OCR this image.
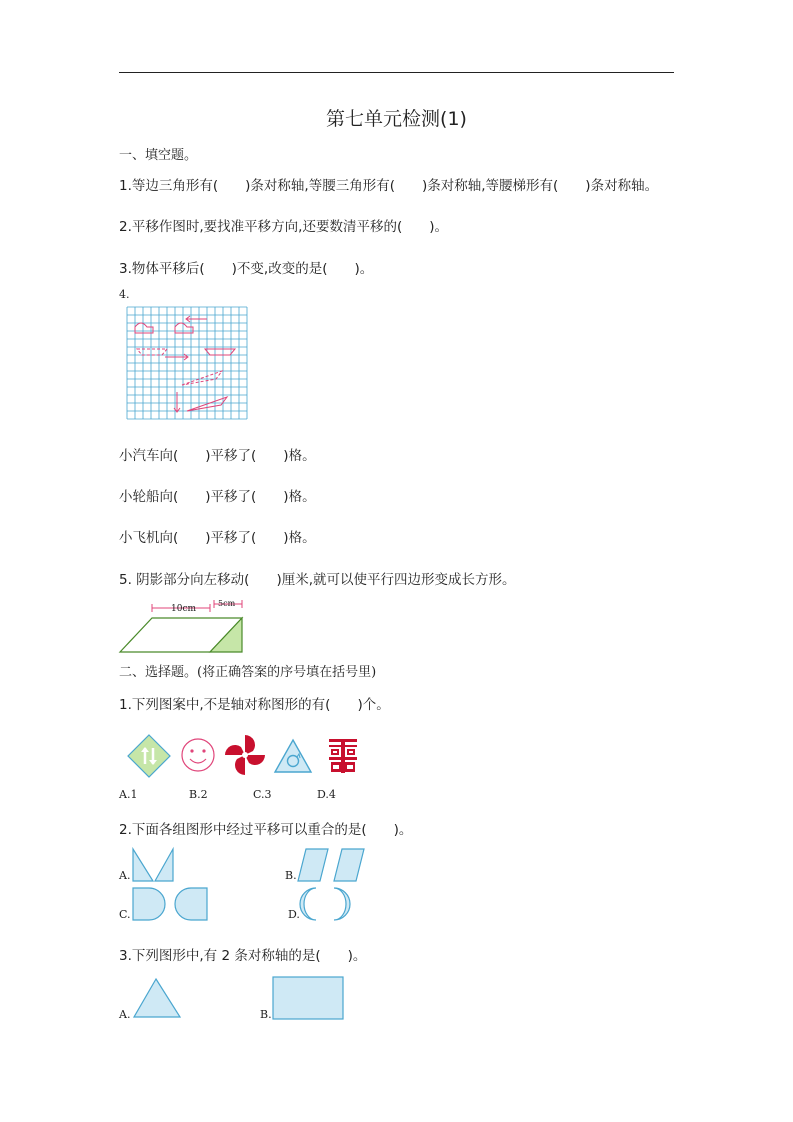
第七单元检测(1)
一、填空题。
1.等边三角形有(　　)条对称轴,等腰三角形有(　　)条对称轴,等腰梯形有(　　)条对称轴。
2.平移作图时,要找准平移方向,还要数清平移的(　　)。
3.物体平移后(　　)不变,改变的是(　　)。
4.
小汽车向(　　)平移了(　　)格。
小轮船向(　　)平移了(　　)格。
小飞机向(　　)平移了(　　)格。
5. 阴影部分向左移动(　　)厘米,就可以使平行四边形变成长方形。
10cm
5cm
二、选择题。(将正确答案的序号填在括号里)
1.下列图案中,不是轴对称图形的有(　　)个。
A.1	B.2	C.3	D.4
2.下面各组图形中经过平移可以重合的是(　　)。
A.	B.
C.	D.
3.下列图形中,有 2 条对称轴的是(　　)。
A.	B.
